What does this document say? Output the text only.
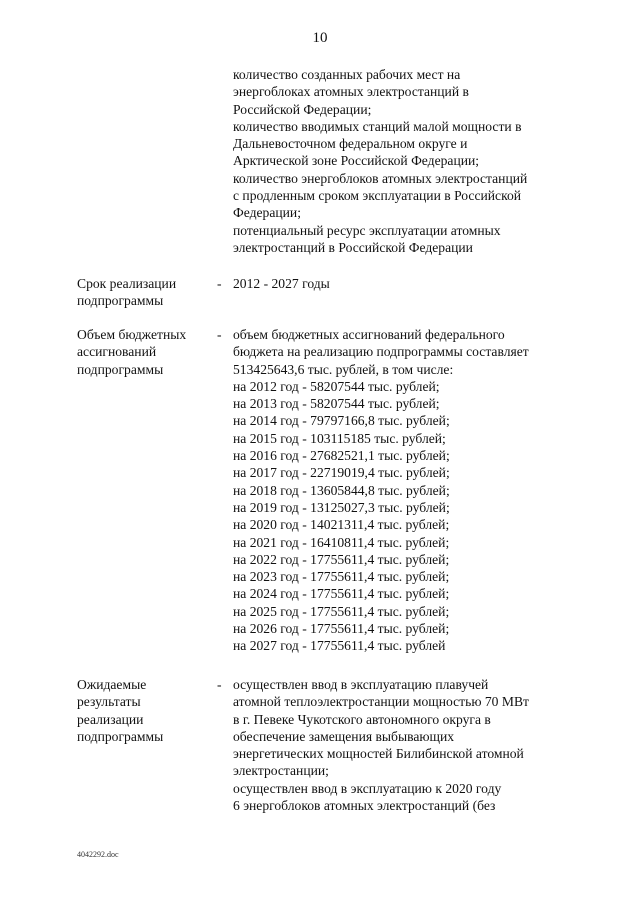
10
количество созданных рабочих мест на
энергоблоках атомных электростанций в
Российской Федерации;
количество вводимых станций малой мощности в
Дальневосточном федеральном округе и
Арктической зоне Российской Федерации;
количество энергоблоков атомных электростанций
с продленным сроком эксплуатации в Российской
Федерации;
потенциальный ресурс эксплуатации атомных
электростанций в Российской Федерации
Срок реализации
подпрограммы
- 2012 - 2027 годы
Объем бюджетных
ассигнований
подпрограммы
- объем бюджетных ассигнований федерального
бюджета на реализацию подпрограммы составляет
513425643,6 тыс. рублей, в том числе:
на 2012 год - 58207544 тыс. рублей;
на 2013 год - 58207544 тыс. рублей;
на 2014 год - 79797166,8 тыс. рублей;
на 2015 год - 103115185 тыс. рублей;
на 2016 год - 27682521,1 тыс. рублей;
на 2017 год - 22719019,4 тыс. рублей;
на 2018 год - 13605844,8 тыс. рублей;
на 2019 год - 13125027,3 тыс. рублей;
на 2020 год - 14021311,4 тыс. рублей;
на 2021 год - 16410811,4 тыс. рублей;
на 2022 год - 17755611,4 тыс. рублей;
на 2023 год - 17755611,4 тыс. рублей;
на 2024 год - 17755611,4 тыс. рублей;
на 2025 год - 17755611,4 тыс. рублей;
на 2026 год - 17755611,4 тыс. рублей;
на 2027 год - 17755611,4 тыс. рублей
Ожидаемые
результаты
реализации
подпрограммы
- осуществлен ввод в эксплуатацию плавучей
атомной теплоэлектростанции мощностью 70 МВт
в г. Певеке Чукотского автономного округа в
обеспечение замещения выбывающих
энергетических мощностей Билибинской атомной
электростанции;
осуществлен ввод в эксплуатацию к 2020 году
6 энергоблоков атомных электростанций (без
4042292.doc
